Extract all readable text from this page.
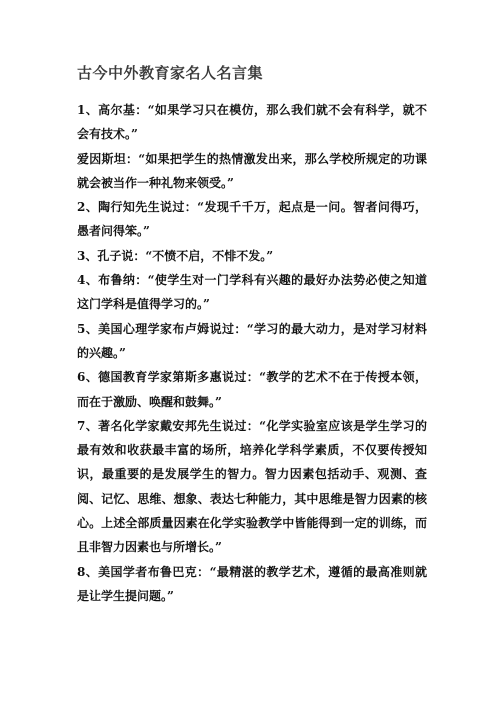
古今中外教育家名人名言集

1、高尔基：“如果学习只在模仿，那么我们就不会有科学，就不会有技术。”

爱因斯坦：“如果把学生的热情激发出来，那么学校所规定的功课就会被当作一种礼物来领受。”

2、陶行知先生说过：“发现千千万，起点是一问。智者问得巧，愚者问得笨。”

3、孔子说：“不愤不启，不悱不发。”

4、布鲁纳：“使学生对一门学科有兴趣的最好办法势必使之知道这门学科是值得学习的。”

5、美国心理学家布卢姆说过：“学习的最大动力，是对学习材料的兴趣。”

6、德国教育学家第斯多惠说过：“教学的艺术不在于传授本领，而在于激励、唤醒和鼓舞。”

7、著名化学家戴安邦先生说过：“化学实验室应该是学生学习的最有效和收获最丰富的场所，培养化学科学素质，不仅要传授知识，最重要的是发展学生的智力。智力因素包括动手、观测、查阅、记忆、思维、想象、表达七种能力，其中思维是智力因素的核心。上述全部质量因素在化学实验教学中皆能得到一定的训练，而且非智力因素也与所增长。”

8、美国学者布鲁巴克：“最精湛的教学艺术，遵循的最高准则就是让学生提问题。”
